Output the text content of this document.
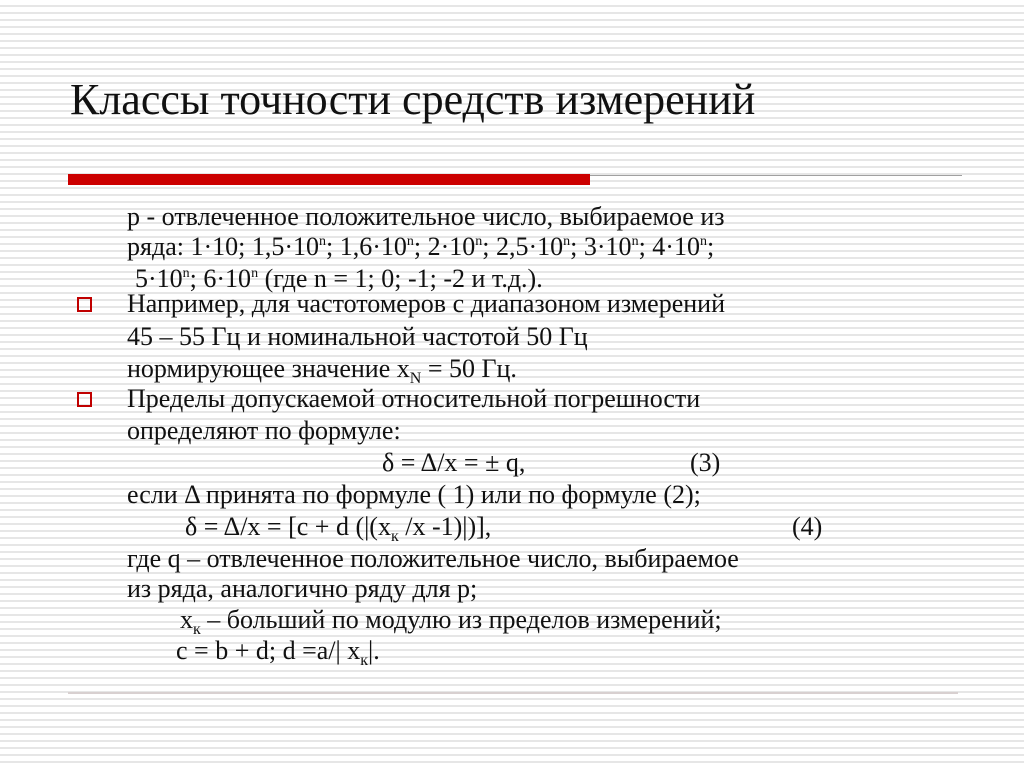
Классы точности средств измерений
p - отвлеченное положительное число, выбираемое из
ряда: 1·10; $1,5\cdot 10^n$; $1,6\cdot 10^n$; $2\cdot 10^n$; $2,5\cdot 10^n$; $3\cdot 10^n$; $4\cdot 10^n$;
$5\cdot 10^n$; $6\cdot 10^n$ (где n = 1; 0; -1; -2 и т.д.).
Например, для частотомеров с диапазоном измерений
45 – 55 Гц и номинальной частотой 50 Гц
нормирующее значение $x_N = 50$ Гц.
Пределы допускаемой относительной погрешности
определяют по формуле:
δ = Δ/x = ± q,	(3)
если Δ принята по формуле ( 1) или по формуле (2);
δ = Δ/x = [c + d ($|(x_к$ /x -1)|)],	(4)
где q – отвлеченное положительное число, выбираемое
из ряда, аналогично ряду для p;
$x_к$ – больший по модулю из пределов измерений;
c = b + d; d =a/| $x_к|$.
